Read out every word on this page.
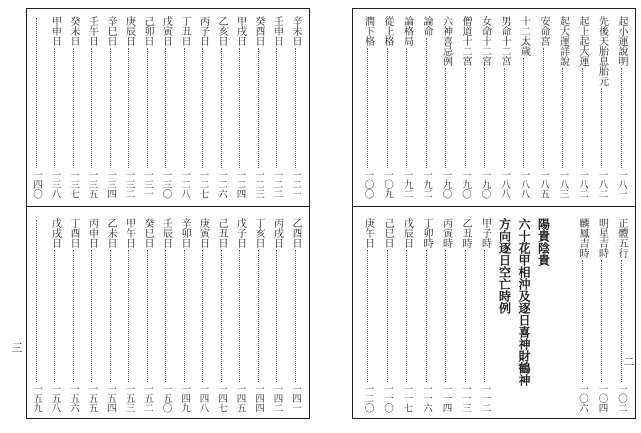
辛未日
一二一
壬申日
一二二
癸酉日
一二三
甲戌日
一二四
乙亥日
一二六
丙子日
一二七
丁丑日
一二八
戊寅日
一三〇
己卯日
一三一
庚辰日
一三二
辛巳日
一三四
壬午日
一三五
癸未日
一三七
甲申日
一三八
一四〇
乙酉日
一四一
丙戌日
一四二
丁亥日
一四四
戊子日
一四五
己丑日
一四七
庚寅日
一四八
辛卯日
一四九
壬辰日
一五〇
癸巳日
一五二
甲午日
一五三
乙未日
一五四
丙申日
一五五
丁酉日
一五六
戊戌日
一五八
一五九
起小運說明
一八一
先後天胎息胎元
一八二
起上起大運
一八二
起大運詳說
一八三
安命宮
一八五
十二太歲
一八八
男命十二宮
一八八
女命十二宮
一九〇
僧道十二宮
一九〇
六神喜忌例
一九〇
論命
一九二
論格局
一九二
從上格
一〇九
潤下格
一〇〇
正體五行
一〇二
明星吉時
一〇四
麟鳳吉時
一〇六
陽貴陰貴
六十花甲相沖及逐日喜神財鶴神
方向逐日空亡時例
甲子時
一一二
乙丑時
一一三
丙寅時
一一四
丁卯時
一一六
戊辰日
一一七
己巳日
一一〇
庚午日
一二〇
三
二
